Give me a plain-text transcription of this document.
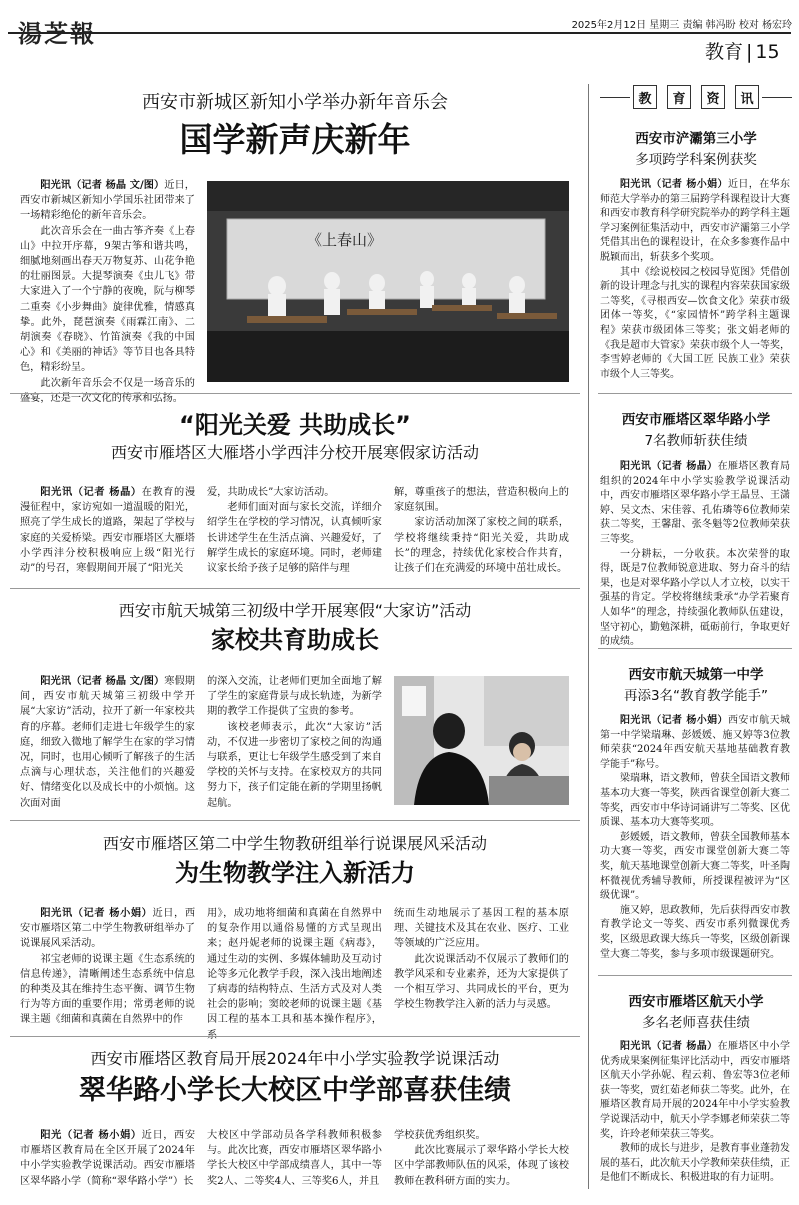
湯芝報	2025年2月12日 星期三 责编 韩冯盼 校对 杨宏玲
教育 | 15
西安市新城区新知小学举办新年音乐会
国学新声庆新年

阳光讯（记者 杨晶 文/图）近日，西安市新城区新知小学国乐社团带来了一场精彩绝伦的新年音乐会。

此次音乐会在一曲古筝齐奏《上春山》中拉开序幕，9架古筝和谐共鸣，细腻地刻画出春天万物复苏、山花争艳的壮丽图景。大提琴演奏《虫儿飞》带大家进入了一个宁静的夜晚，阮与柳琴二重奏《小步舞曲》旋律优雅，情感真挚。此外，琵琶演奏《雨霖江南》、二胡演奏《春晓》、竹笛演奏《我的中国心》和《美丽的神话》等节目也各具特色，精彩纷呈。

此次新年音乐会不仅是一场音乐的盛宴，还是一次文化的传承和弘扬。

《上春山》
“阳光关爱 共助成长”
西安市雁塔区大雁塔小学西沣分校开展寒假家访活动

阳光讯（记者 杨晶）在教育的漫漫征程中，家访宛如一道温暖的阳光，照亮了学生成长的道路，架起了学校与家庭的关爱桥梁。西安市雁塔区大雁塔小学西沣分校积极响应上级“阳光行动”的号召，寒假期间开展了“阳光关

爱，共助成长”大家访活动。

老师们面对面与家长交流，详细介绍学生在学校的学习情况，认真倾听家长讲述学生在生活点滴、兴趣爱好，了解学生成长的家庭环境。同时，老师建议家长给予孩子足够的陪伴与理

解，尊重孩子的想法，营造积极向上的家庭氛围。

家访活动加深了家校之间的联系，学校将继续秉持“阳光关爱，共助成长”的理念，持续优化家校合作共育，让孩子们在充满爱的环境中茁壮成长。

西安市航天城第三初级中学开展寒假“大家访”活动
家校共育助成长

阳光讯（记者 杨晶 文/图）寒假期间，西安市航天城第三初级中学开展“大家访”活动，拉开了新一年家校共育的序幕。老师们走进七年级学生的家庭，细致入微地了解学生在家的学习情况，同时，也用心倾听了解孩子的生活点滴与心理状态，关注他们的兴趣爱好、情绪变化以及成长中的小烦恼。这次面对面

的深入交流，让老师们更加全面地了解了学生的家庭背景与成长轨迹，为新学期的教学工作提供了宝贵的参考。

该校老师表示，此次“大家访”活动，不仅进一步密切了家校之间的沟通与联系，更让七年级学生感受到了来自学校的关怀与支持。在家校双方的共同努力下，孩子们定能在新的学期里扬帆起航。

西安市雁塔区第二中学生物教研组举行说课展风采活动
为生物教学注入新活力

阳光讯（记者 杨小娟）近日，西安市雁塔区第二中学生物教研组举办了说课展风采活动。

祁宝老师的说课主题《生态系统的信息传递》，清晰阐述生态系统中信息的种类及其在维持生态平衡、调节生物行为等方面的重要作用；常勇老师的说课主题《细菌和真菌在自然界中的作

用》，成功地将细菌和真菌在自然界中的复杂作用以通俗易懂的方式呈现出来；赵丹妮老师的说课主题《病毒》，通过生动的实例、多媒体辅助及互动讨论等多元化教学手段，深入浅出地阐述了病毒的结构特点、生活方式及对人类社会的影响；窦皎老师的说课主题《基因工程的基本工具和基本操作程序》，系

统而生动地展示了基因工程的基本原理、关键技术及其在农业、医疗、工业等领域的广泛应用。

此次说课活动不仅展示了教师们的教学风采和专业素养，还为大家提供了一个相互学习、共同成长的平台，更为学校生物教学注入新的活力与灵感。

西安市雁塔区教育局开展2024年中小学实验教学说课活动
翠华路小学长大校区中学部喜获佳绩

阳光（记者 杨小娟）近日，西安市雁塔区教育局在全区开展了2024年中小学实验教学说课活动。西安市雁塔区翠华路小学（简称“翠华路小学”）长

大校区中学部动员各学科教师积极参与。此次比赛，西安市雁塔区翠华路小学长大校区中学部成绩喜人，其中一等奖2人、二等奖4人、三等奖6人，并且

学校获优秀组织奖。

此次比赛展示了翠华路小学长大校区中学部教师队伍的风采，体现了该校教师在教科研方面的实力。

教	育	资	讯
西安市浐灞第三小学
多项跨学科案例获奖

阳光讯（记者 杨小娟）近日，在华东师范大学举办的第三届跨学科课程设计大赛和西安市教育科学研究院举办的跨学科主题学习案例征集活动中，西安市浐灞第三小学凭借其出色的课程设计，在众多参赛作品中脱颖而出，斩获多个奖项。

其中《绘说校园之校园导览图》凭借创新的设计理念与扎实的课程内容荣获国家级二等奖，《寻根西安—饮食文化》荣获市级团体一等奖，《“家园情怀”跨学科主题课程》荣获市级团体三等奖；张文娟老师的《我是超市大管家》荣获市级个人一等奖，李雪婷老师的《大国工匠 民族工业》荣获市级个人三等奖。

西安市雁塔区翠华路小学
7名教师斩获佳绩

阳光讯（记者 杨晶）在雁塔区教育局组织的2024年中小学实验教学说课活动中，西安市雁塔区翠华路小学王晶昱、王潇婷、吴文杰、宋佳蓉、孔佑璘等6位教师荣获二等奖，王馨甜、张冬魁等2位教师荣获三等奖。

一分耕耘，一分收获。本次荣誉的取得，既是7位教师锐意进取、努力奋斗的结果，也是对翠华路小学以人才立校，以实干强基的肯定。学校将继续秉承“办学若聚育人如华”的理念，持续强化教师队伍建设，坚守初心，勤勉深耕，砥砺前行，争取更好的成绩。

西安市航天城第一中学
再添3名“教育教学能手”

阳光讯（记者 杨小娟）西安市航天城第一中学梁瑞琳、彭媛媛、施又婷等3位教师荣获“2024年西安航天基地基础教育教学能手”称号。

梁瑞琳，语文教师，曾获全国语文教师基本功大赛一等奖，陕西省课堂创新大赛二等奖，西安市中华诗词诵讲写二等奖、区优质课、基本功大赛等奖项。

彭媛媛，语文教师，曾获全国教师基本功大赛一等奖，西安市课堂创新大赛二等奖，航天基地课堂创新大赛二等奖，叶圣陶杯微视优秀辅导教师，所授课程被评为“区级优课”。

施又婷，思政教师，先后获得西安市教育教学论文一等奖、西安市系列微课优秀奖，区级思政课大练兵一等奖，区级创新课堂大赛二等奖，参与多项市级课题研究。

西安市雁塔区航天小学
多名老师喜获佳绩

阳光讯（记者 杨晶）在雁塔区中小学优秀成果案例征集评比活动中，西安市雁塔区航天小学孙妮、程云莉、鲁宏等3位老师获一等奖，贾红茹老师获二等奖。此外，在雁塔区教育局开展的2024年中小学实验教学说课活动中，航天小学李娜老师荣获二等奖，许玲老师荣获三等奖。

教师的成长与进步，是教育事业蓬勃发展的基石，此次航天小学教师荣获佳绩，正是他们不断成长、积极进取的有力证明。
